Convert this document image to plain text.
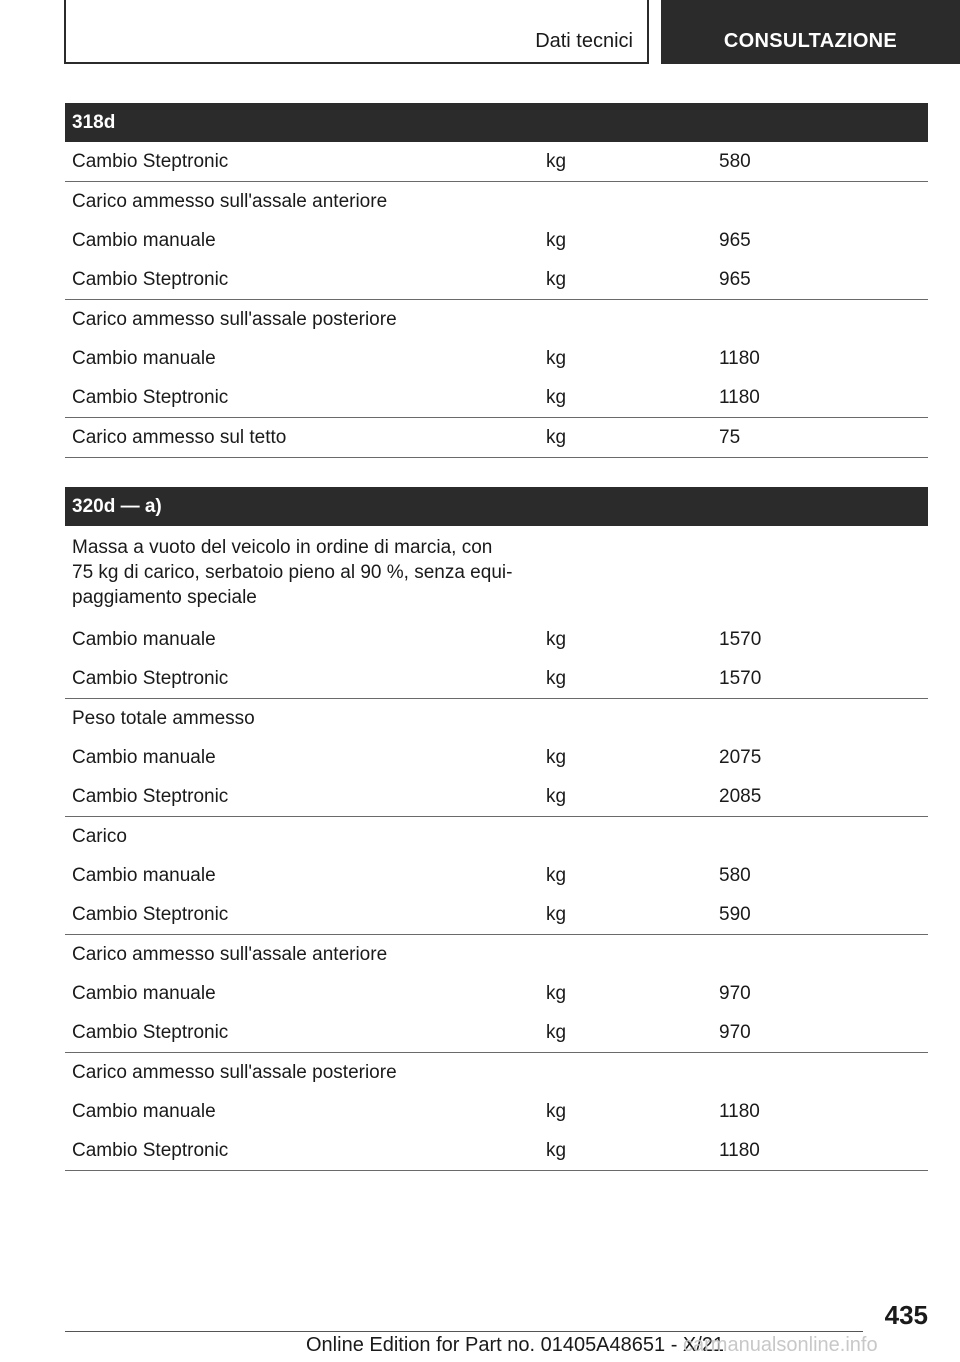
Dati tecnici	CONSULTAZIONE
318d
Cambio Steptronic	kg	580
Carico ammesso sull'assale anteriore
Cambio manuale	kg	965
Cambio Steptronic	kg	965
Carico ammesso sull'assale posteriore
Cambio manuale	kg	1180
Cambio Steptronic	kg	1180
Carico ammesso sul tetto	kg	75
320d — a)
Massa a vuoto del veicolo in ordine di marcia, con
75 kg di carico, serbatoio pieno al 90 %, senza equi-
paggiamento speciale
Cambio manuale	kg	1570
Cambio Steptronic	kg	1570
Peso totale ammesso
Cambio manuale	kg	2075
Cambio Steptronic	kg	2085
Carico
Cambio manuale	kg	580
Cambio Steptronic	kg	590
Carico ammesso sull'assale anteriore
Cambio manuale	kg	970
Cambio Steptronic	kg	970
Carico ammesso sull'assale posteriore
Cambio manuale	kg	1180
Cambio Steptronic	kg	1180
435
Online Edition for Part no. 01405A48651 - X/21
carmanualsonline.info
